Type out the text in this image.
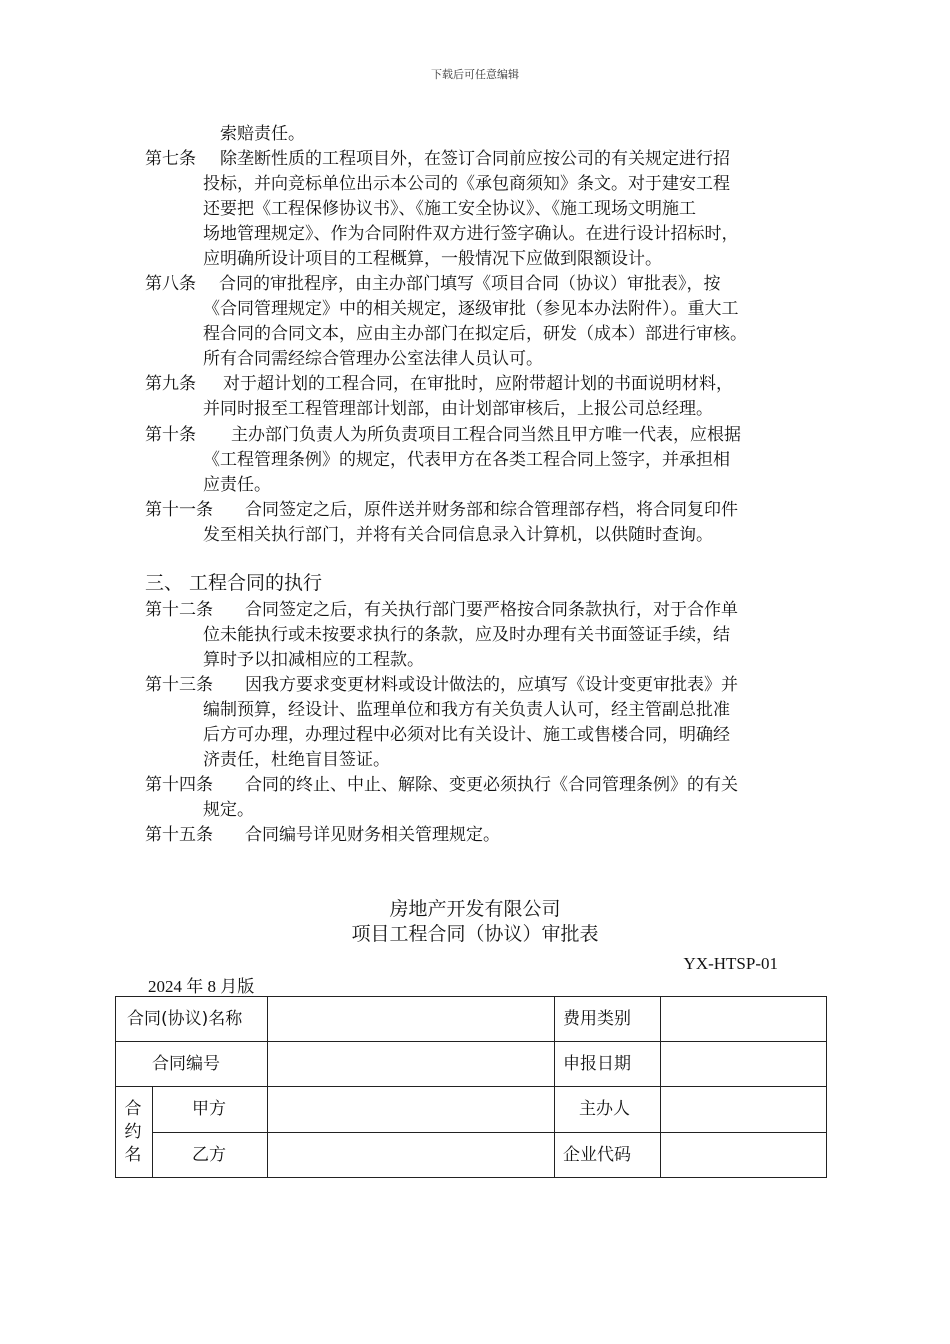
下载后可任意编辑
索赔责任。
第七条 除垄断性质的工程项目外，在签订合同前应按公司的有关规定进行招
投标，并向竞标单位出示本公司的《承包商须知》条文。对于建安工程
还要把《工程保修协议书》、《施工安全协议》、《施工现场文明施工
场地管理规定》、作为合同附件双方进行签字确认。在进行设计招标时，
应明确所设计项目的工程概算，一般情况下应做到限额设计。
第八条 合同的审批程序，由主办部门填写《项目合同（协议）审批表》，按
《合同管理规定》中的相关规定，逐级审批（参见本办法附件）。重大工
程合同的合同文本，应由主办部门在拟定后，研发（成本）部进行审核。
所有合同需经综合管理办公室法律人员认可。
第九条 对于超计划的工程合同，在审批时，应附带超计划的书面说明材料，
并同时报至工程管理部计划部，由计划部审核后，上报公司总经理。
第十条 主办部门负责人为所负责项目工程合同当然且甲方唯一代表，应根据
《工程管理条例》的规定，代表甲方在各类工程合同上签字，并承担相
应责任。
第十一条 合同签定之后，原件送并财务部和综合管理部存档，将合同复印件
发至相关执行部门，并将有关合同信息录入计算机，以供随时查询。
三、 工程合同的执行
第十二条 合同签定之后，有关执行部门要严格按合同条款执行，对于合作单
位未能执行或未按要求执行的条款，应及时办理有关书面签证手续，结
算时予以扣减相应的工程款。
第十三条 因我方要求变更材料或设计做法的，应填写《设计变更审批表》并
编制预算，经设计、监理单位和我方有关负责人认可，经主管副总批准
后方可办理，办理过程中必须对比有关设计、施工或售楼合同，明确经
济责任，杜绝盲目签证。
第十四条 合同的终止、中止、解除、变更必须执行《合同管理条例》的有关
规定。
第十五条 合同编号详见财务相关管理规定。
房地产开发有限公司
项目工程合同（协议）审批表
YX-HTSP-01
2024 年 8 月版
合同(协议)名称	费用类别
合同编号	申报日期
合
约
名
甲方	主办人
乙方	企业代码
